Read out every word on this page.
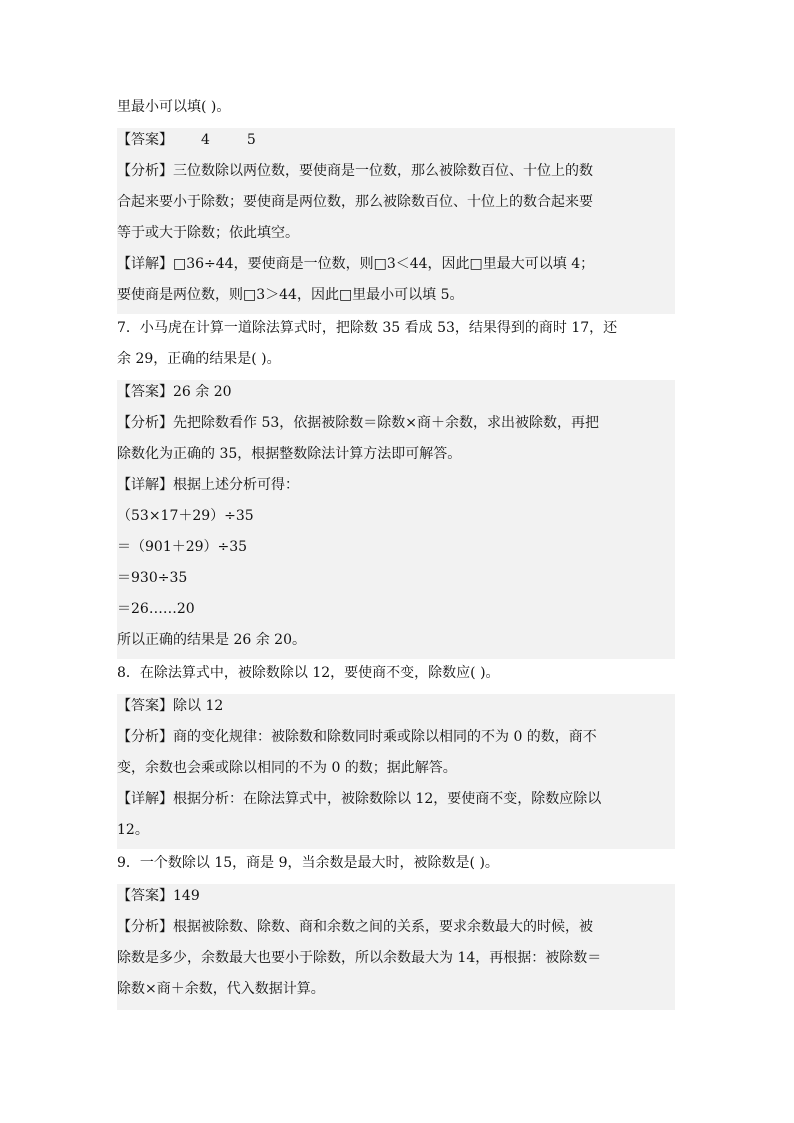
里最小可以填( )。
【答案】 4	5
【分析】三位数除以两位数，要使商是一位数，那么被除数百位、十位上的数
合起来要小于除数；要使商是两位数，那么被除数百位、十位上的数合起来要
等于或大于除数；依此填空。
【详解】□36÷44，要使商是一位数，则□3＜44，因此□里最大可以填 4；
要使商是两位数，则□3＞44，因此□里最小可以填 5。
7．小马虎在计算一道除法算式时，把除数 35 看成 53，结果得到的商时 17，还
余 29，正确的结果是( )。
【答案】26 余 20
【分析】先把除数看作 53，依据被除数＝除数×商＋余数，求出被除数，再把
除数化为正确的 35，根据整数除法计算方法即可解答。
【详解】根据上述分析可得：
（53×17＋29）÷35
＝（901＋29）÷35
＝930÷35
＝26……20
所以正确的结果是 26 余 20。
8．在除法算式中，被除数除以 12，要使商不变，除数应( )。
【答案】除以 12
【分析】商的变化规律：被除数和除数同时乘或除以相同的不为 0 的数，商不
变，余数也会乘或除以相同的不为 0 的数；据此解答。
【详解】根据分析：在除法算式中，被除数除以 12，要使商不变，除数应除以
12。
9．一个数除以 15，商是 9，当余数是最大时，被除数是( )。
【答案】149
【分析】根据被除数、除数、商和余数之间的关系，要求余数最大的时候，被
除数是多少，余数最大也要小于除数，所以余数最大为 14，再根据：被除数＝
除数×商＋余数，代入数据计算。
